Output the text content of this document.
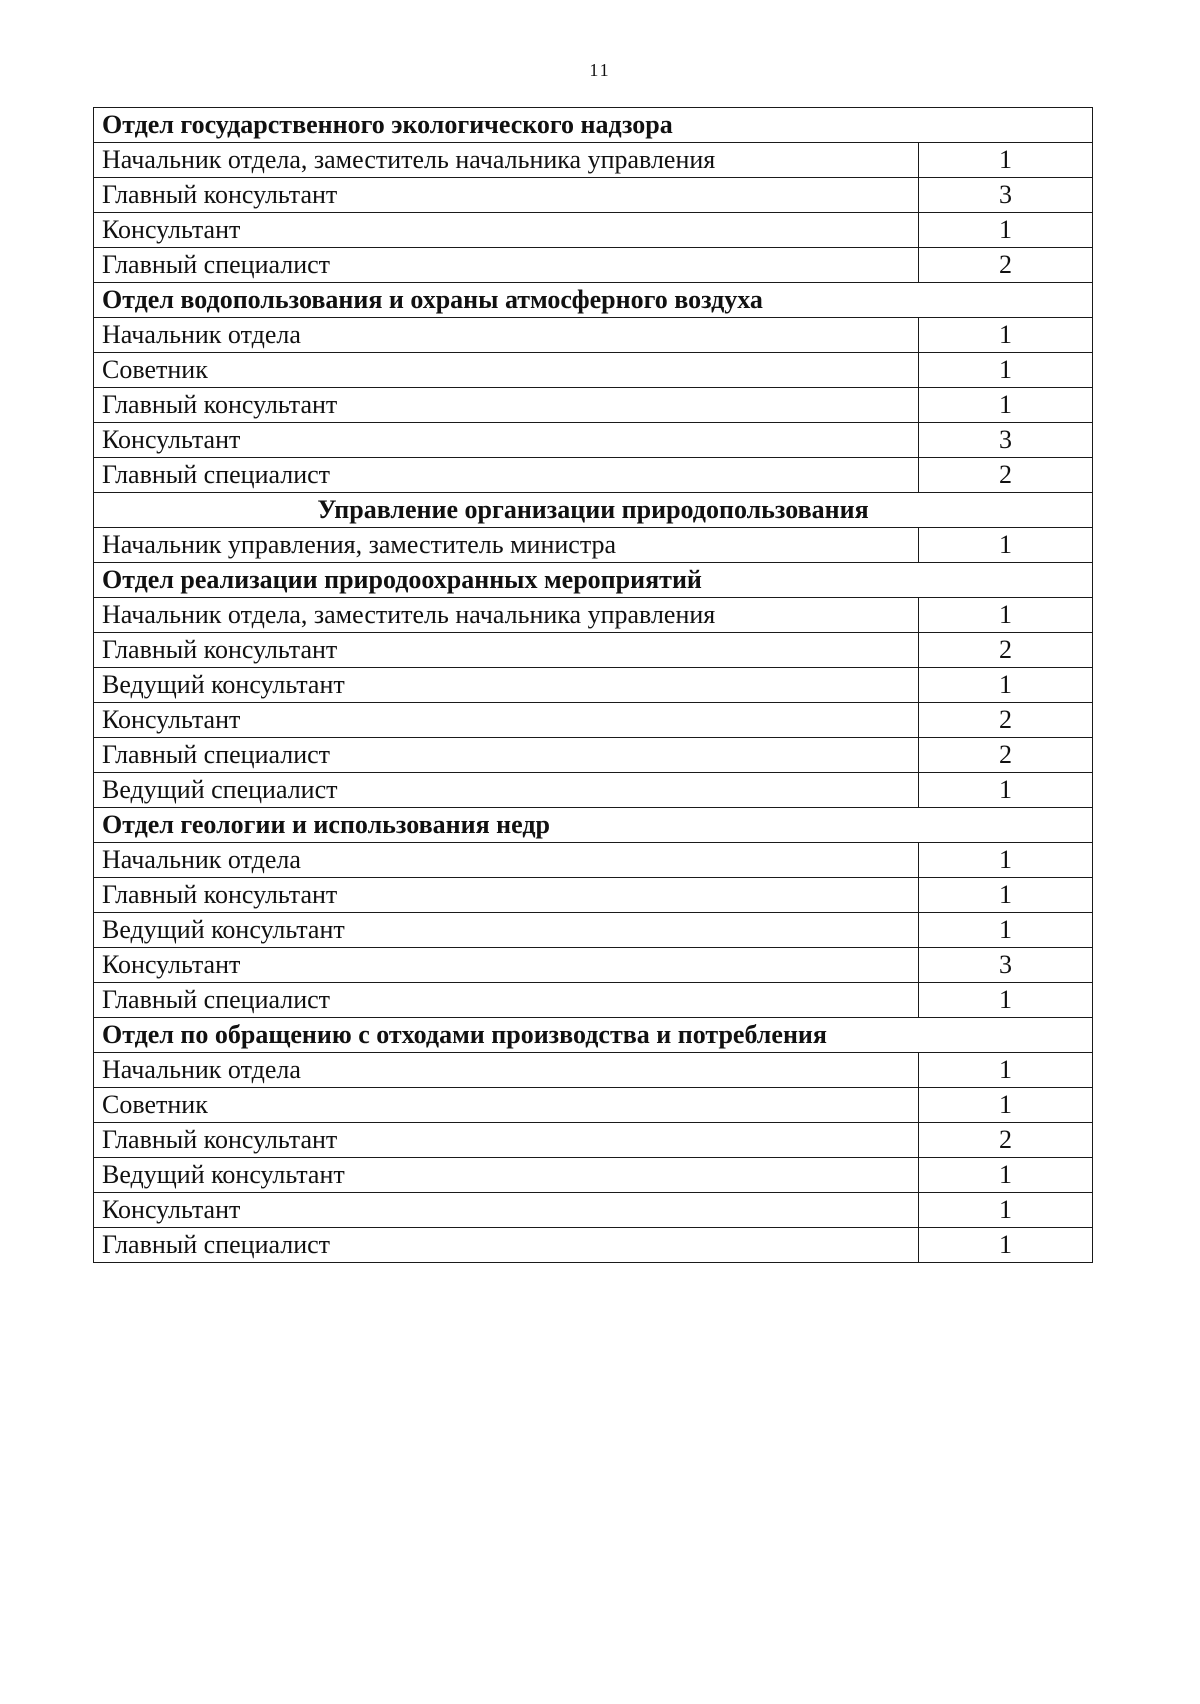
11
Отдел государственного экологического надзора	
Начальник отдела, заместитель начальника управления	1
Главный консультант	3
Консультант	1
Главный специалист	2
Отдел водопользования и охраны атмосферного воздуха	
Начальник отдела	1
Советник	1
Главный консультант	1
Консультант	3
Главный специалист	2
Управление организации природопользования	
Начальник управления, заместитель министра	1
Отдел реализации природоохранных мероприятий	
Начальник отдела, заместитель начальника управления	1
Главный консультант	2
Ведущий консультант	1
Консультант	2
Главный специалист	2
Ведущий специалист	1
Отдел геологии и использования недр	
Начальник отдела	1
Главный консультант	1
Ведущий консультант	1
Консультант	3
Главный специалист	1
Отдел по обращению с отходами производства и потребления	
Начальник отдела	1
Советник	1
Главный консультант	2
Ведущий консультант	1
Консультант	1
Главный специалист	1
